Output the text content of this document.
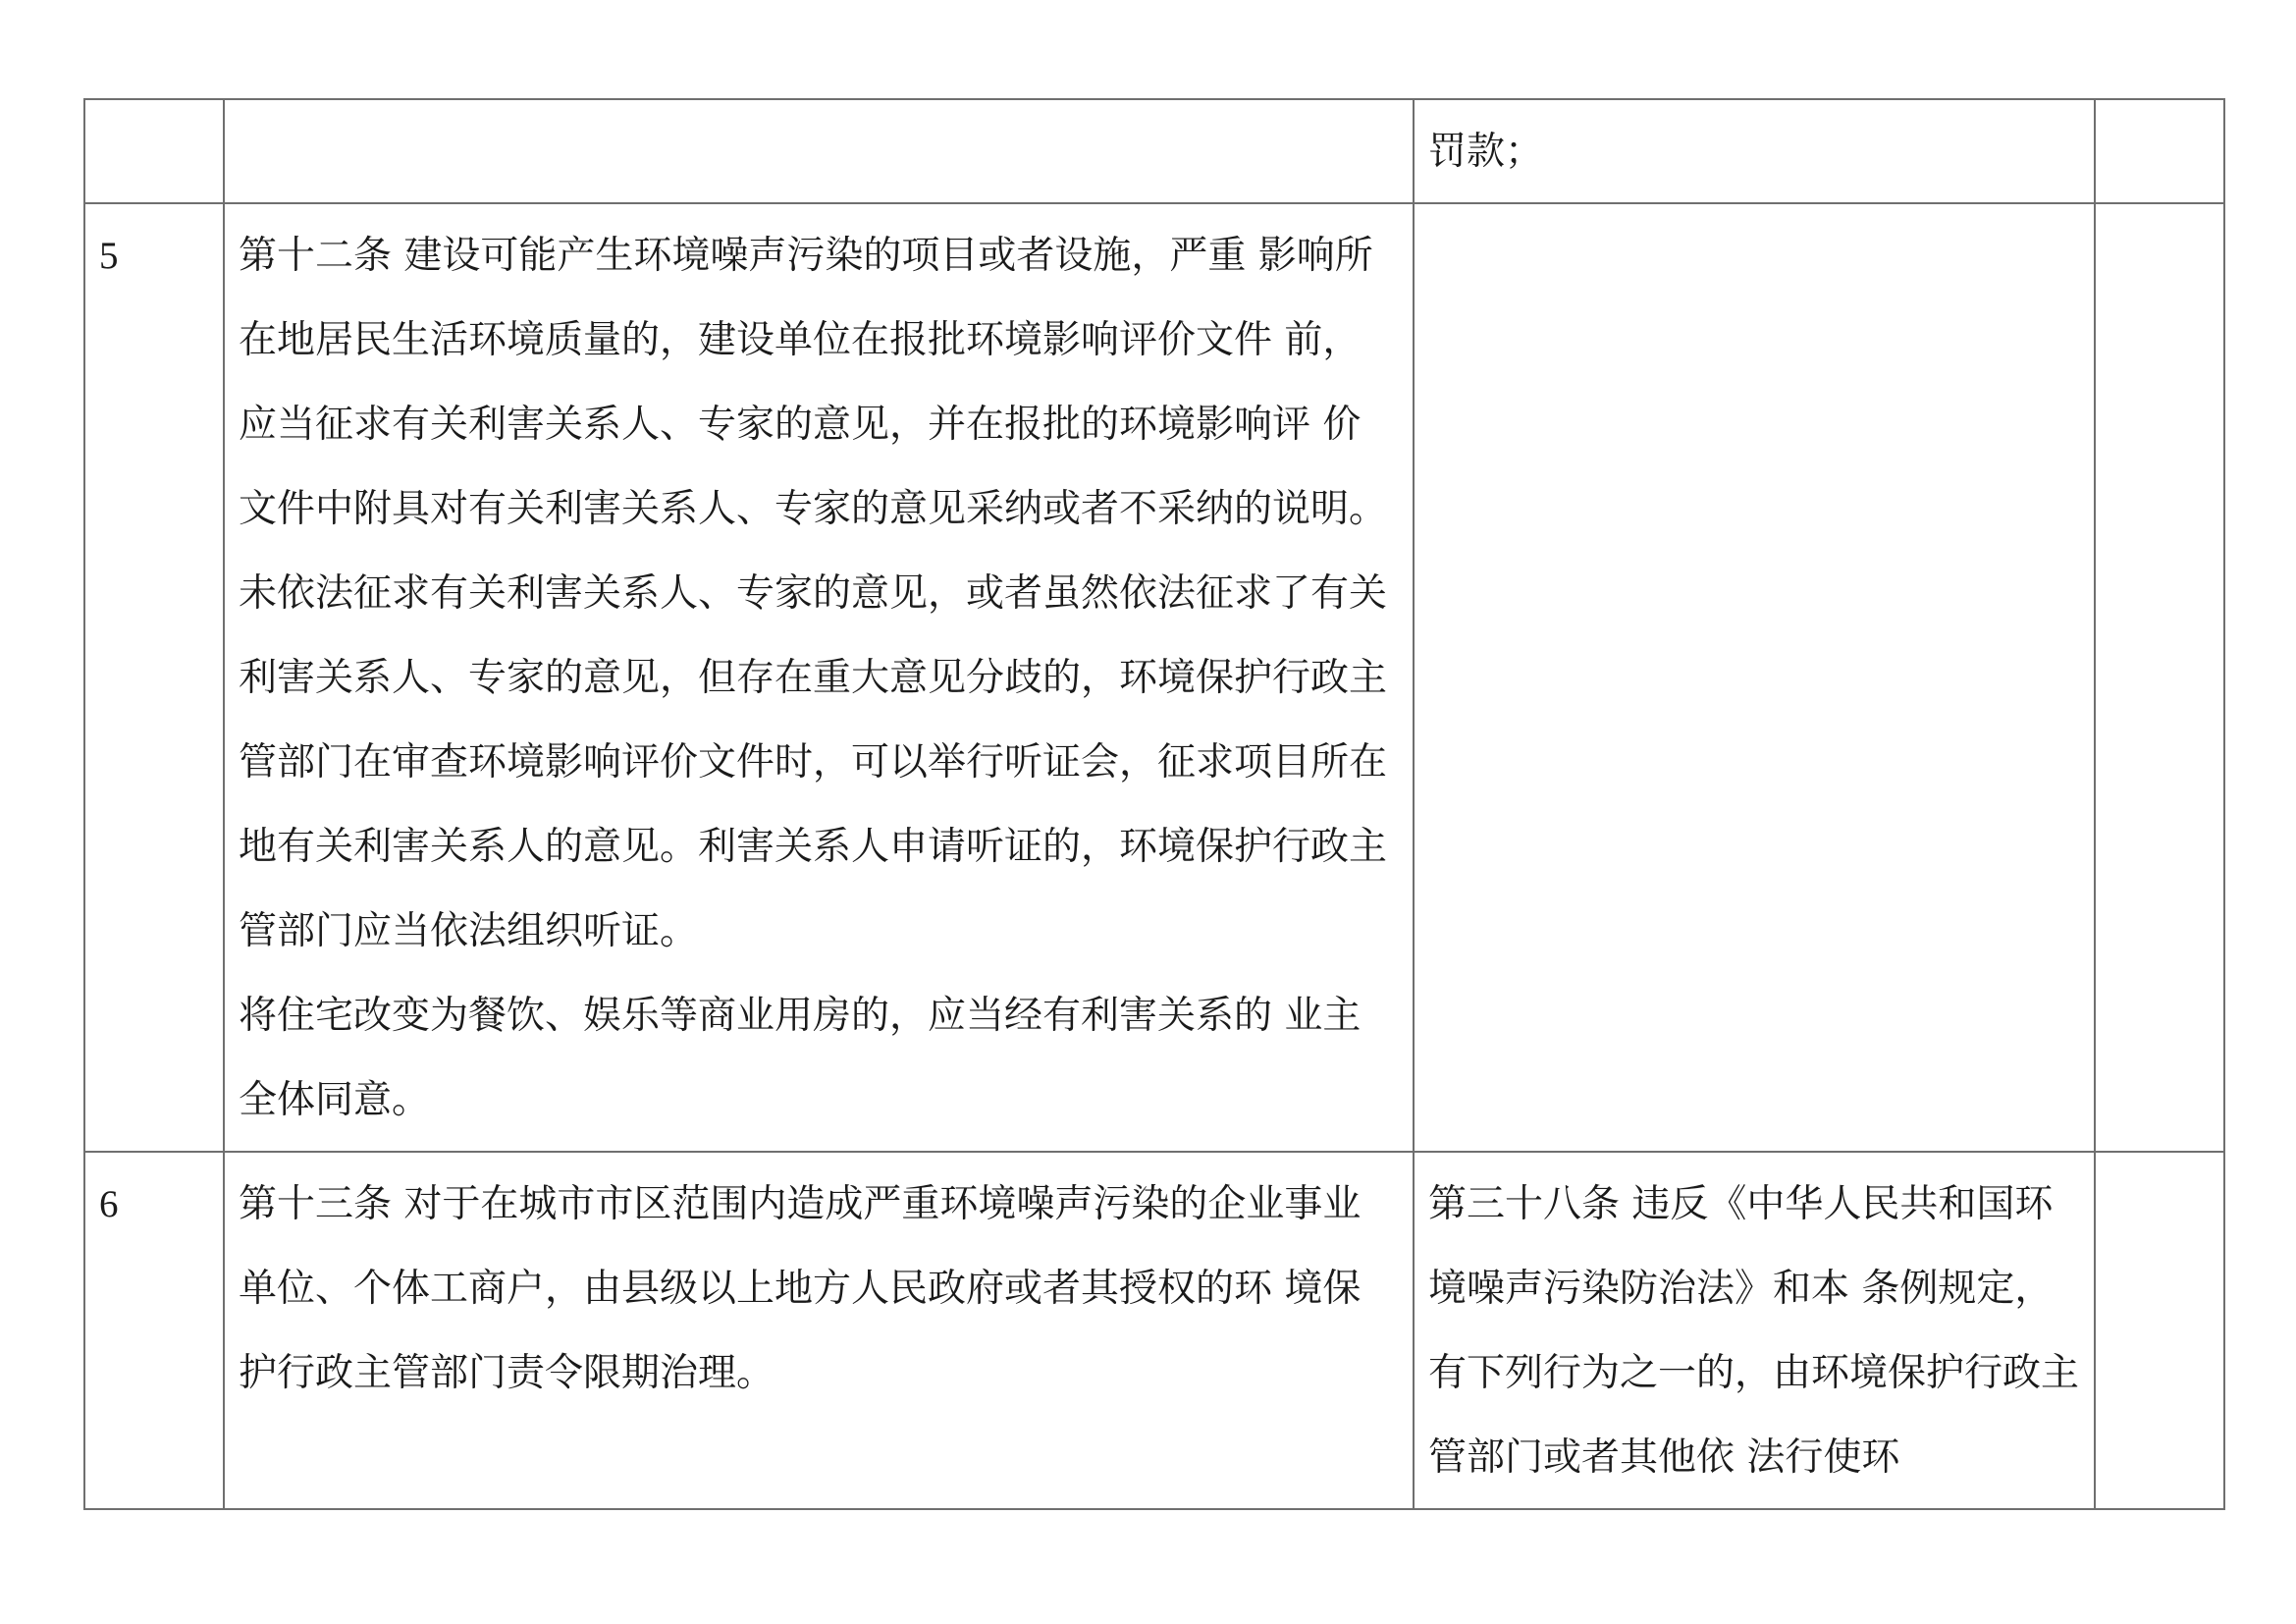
		罚款；	
5	第十二条 建设可能产生环境噪声污染的项目或者设施，严重 影响所在地居民生活环境质量的，建设单位在报批环境影响评价文件 前，应当征求有关利害关系人、专家的意见，并在报批的环境影响评 价文件中附具对有关利害关系人、专家的意见采纳或者不采纳的说明。 未依法征求有关利害关系人、专家的意见，或者虽然依法征求了有关 利害关系人、专家的意见，但存在重大意见分歧的，环境保护行政主 管部门在审查环境影响评价文件时，可以举行听证会，征求项目所在 地有关利害关系人的意见。利害关系人申请听证的，环境保护行政主 管部门应当依法组织听证。
将住宅改变为餐饮、娱乐等商业用房的，应当经有利害关系的 业主全体同意。		

6	第十三条 对于在城市市区范围内造成严重环境噪声污染的企业事业单位、个体工商户，由县级以上地方人民政府或者其授权的环 境保护行政主管部门责令限期治理。	第三十八条 违反《中华人民共和国环境噪声污染防治法》和本 条例规定，有下列行为之一的，由环境保护行政主管部门或者其他依 法行使环	
